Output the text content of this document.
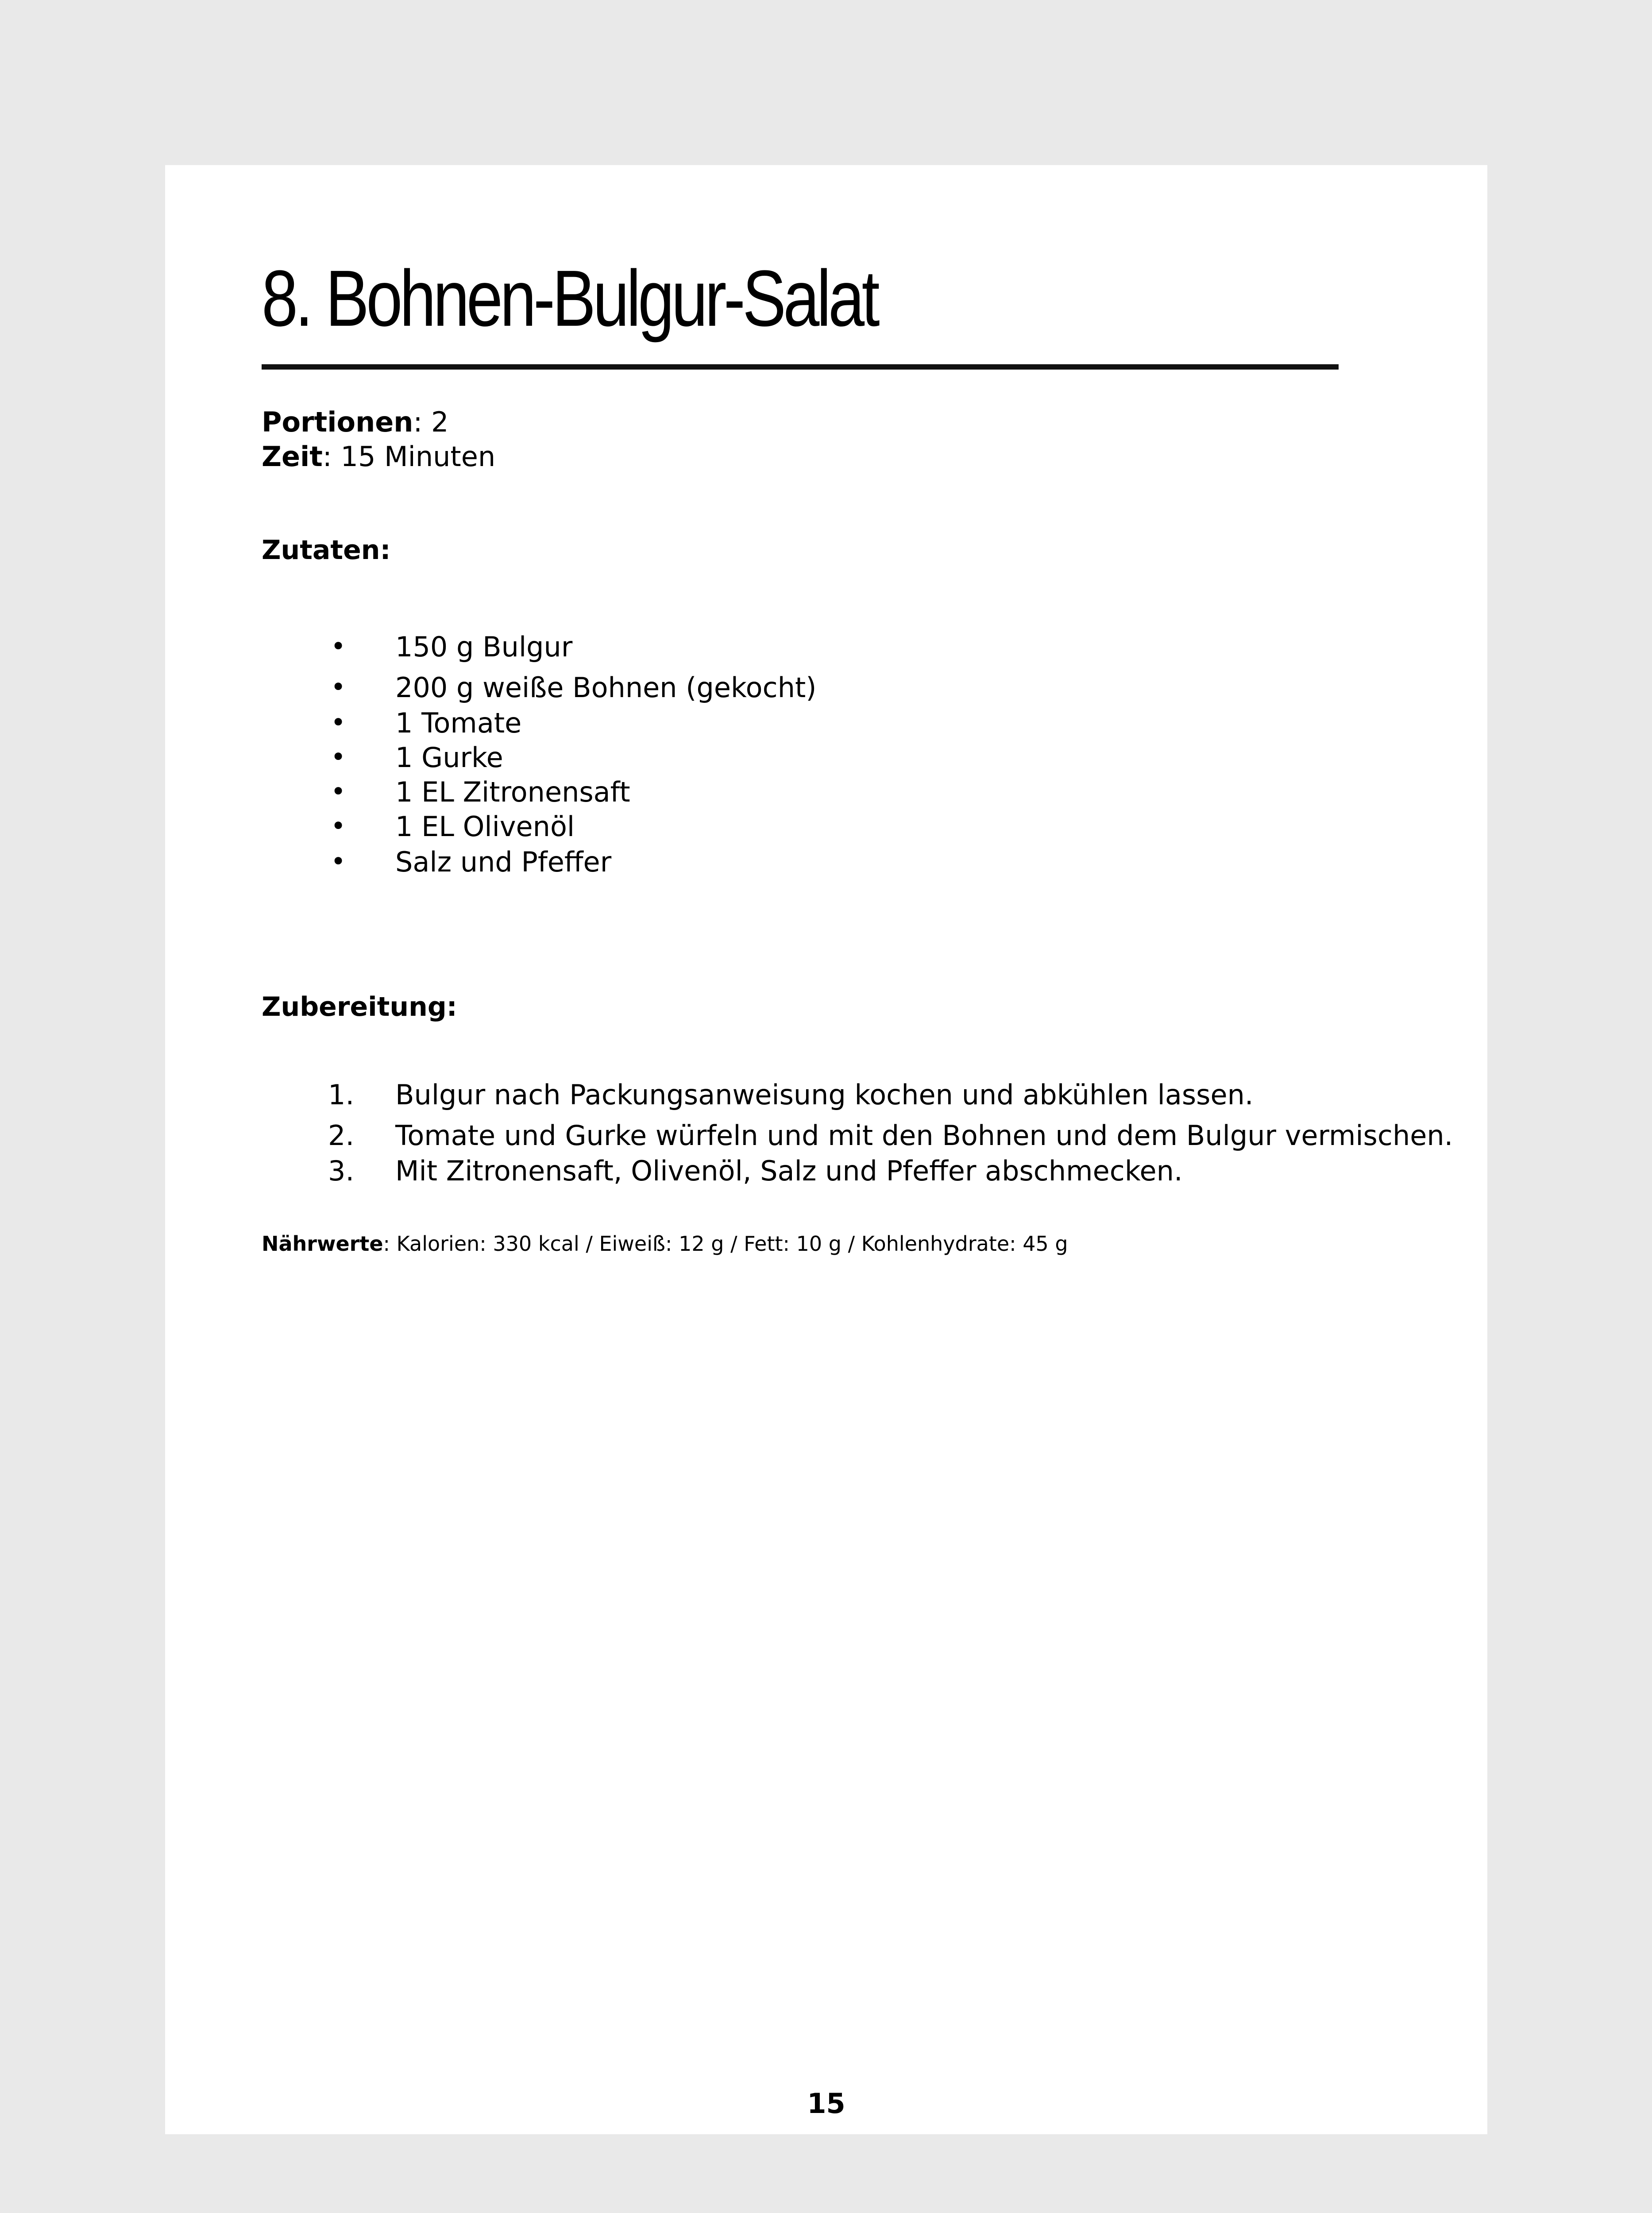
8. Bohnen-Bulgur-Salat
Portionen: 2
Zeit: 15 Minuten
Zutaten:
• 150 g Bulgur
• 200 g weiße Bohnen (gekocht)
• 1 Tomate
• 1 Gurke
• 1 EL Zitronensaft
• 1 EL Olivenöl
• Salz und Pfeffer
Zubereitung:
1. Bulgur nach Packungsanweisung kochen und abkühlen lassen.
2. Tomate und Gurke würfeln und mit den Bohnen und dem Bulgur vermischen.
3. Mit Zitronensaft, Olivenöl, Salz und Pfeffer abschmecken.
Nährwerte: Kalorien: 330 kcal / Eiweiß: 12 g / Fett: 10 g / Kohlenhydrate: 45 g
15
